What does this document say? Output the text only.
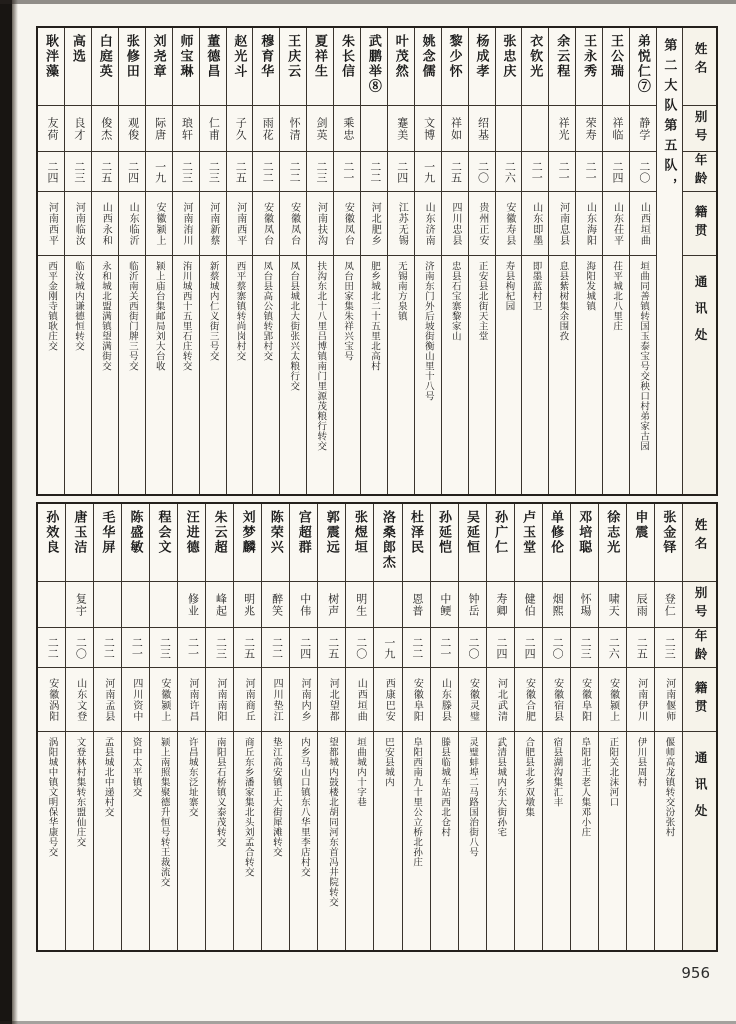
姓名
别号
年龄
籍贯
通讯处
第二大队第五队，
弟悦仁⑦
静学
二〇
山西垣曲
垣曲同善镇转国玉泰宝号交秧口村弟家古园
王公瑞
祥临
二四
山东茌平
茌平城北八里庄
王永秀
荣寿
二一
山东海阳
海阳发城镇
余云程
祥光
二一
河南息县
息县紫树集余围孜
衣钦光
二一
山东即墨
即墨蓝村卫
张忠庆
二六
安徽寿县
寿县枸杞园
杨成孝
绍基
二〇
贵州正安
正安县北街天主堂
黎少怀
祥如
二五
四川忠县
忠县石宝寨黎家山
姚念儒
文博
一九
山东济南
济南东门外后坡街衡山里十八号
叶茂然
蹇美
二四
江苏无锡
无锡南方泉镇
武鹏举⑧
二二
河北肥乡
肥乡城北二十五里北高村
朱长信
乘忠
二一
安徽凤台
凤台田家集朱祥兴宝号
夏祥生
剑英
二三
河南扶沟
扶沟东北十八里吕博镇南门里源茂粮行转交
王庆云
怀清
二二
安徽凤台
凤台县城北大街张兴太粮行交
穆育华
雨花
二二
安徽凤台
凤台县高公镇转郢村交
赵光斗
子久
二五
河南西平
西平蔡寨镇转尚岗村交
董德昌
仁甫
二三
河南新蔡
新蔡城内仁义街三号交
师宝琳
琅轩
二三
河南洧川
洧川城西十五里石庄转交
刘尧章
际唐
一九
安徽颍上
颍上庙台集邮局刘大台收
张修田
观俊
二四
山东临沂
临沂南关西街门牌三号交
白庭英
俊杰
二五
山西永和
永和城北盟满镇望满街交
高选
良才
二三
河南临汝
临汝城内谦德恒转交
耿泮藻
友荷
二四
河南西平
西平金刚寺镇耿庄交
姓名
别号
年龄
籍贯
通讯处
张金铎
登仁
二三
河南偃师
偃师高龙镇转交汾张村
申震
辰雨
二五
河南伊川
伊川县周村
徐志光
啸天
二六
安徽颍上
正阳关北沫河口
邓培聪
怀瑒
二三
安徽阜阳
阜阳北王老人集邓小庄
单修伦
烟熙
二〇
安徽宿县
宿县湖沟集汇丰
卢玉堂
健伯
二四
安徽合肥
合肥县北乡双墩集
孙广仁
寿卿
二四
河北武清
武清县城内东大街孙宅
吴延恒
钟岳
二〇
安徽灵璧
灵璧蚌埠二马路国治街八号
孙延恺
中鲠
二一
山东滕县
滕县临城车站西北仓村
杜泽民
恩普
二二
安徽阜阳
阜阳西南九十里公立桥北孙庄
洛桑郎杰
一九
西康巴安
巴安县城内
张煜垣
明生
二〇
山西垣曲
垣曲城内十字巷
郭震远
树声
二五
河北望都
望都城内鼓楼北胡同河东首冯井院转交
宫超群
中伟
二四
河南内乡
内乡马山口镇东八华里李店村交
陈荣兴
醉笑
二二
四川垫江
垫江高安镇正大街犀滩转交
刘梦麟
明兆
二五
河南商丘
商丘东乡潘家集北头刘孟合转交
朱云超
峰起
二三
河南南阳
南阳县石桥镇义泰茂转交
汪进德
修业
二一
河南许昌
许昌城东泛址寨交
程会文
二三
安徽颍上
颍上南照集聚德升恒号转王裁流交
陈盛敏
二一
四川资中
资中太平镇交
毛华屏
二二
河南孟县
孟县城北中递村交
唐玉洁
复宇
二〇
山东文登
文登林村集转东盟仙庄交
孙效良
二二
安徽涡阳
涡阳城中镇文明保华康号交
956
